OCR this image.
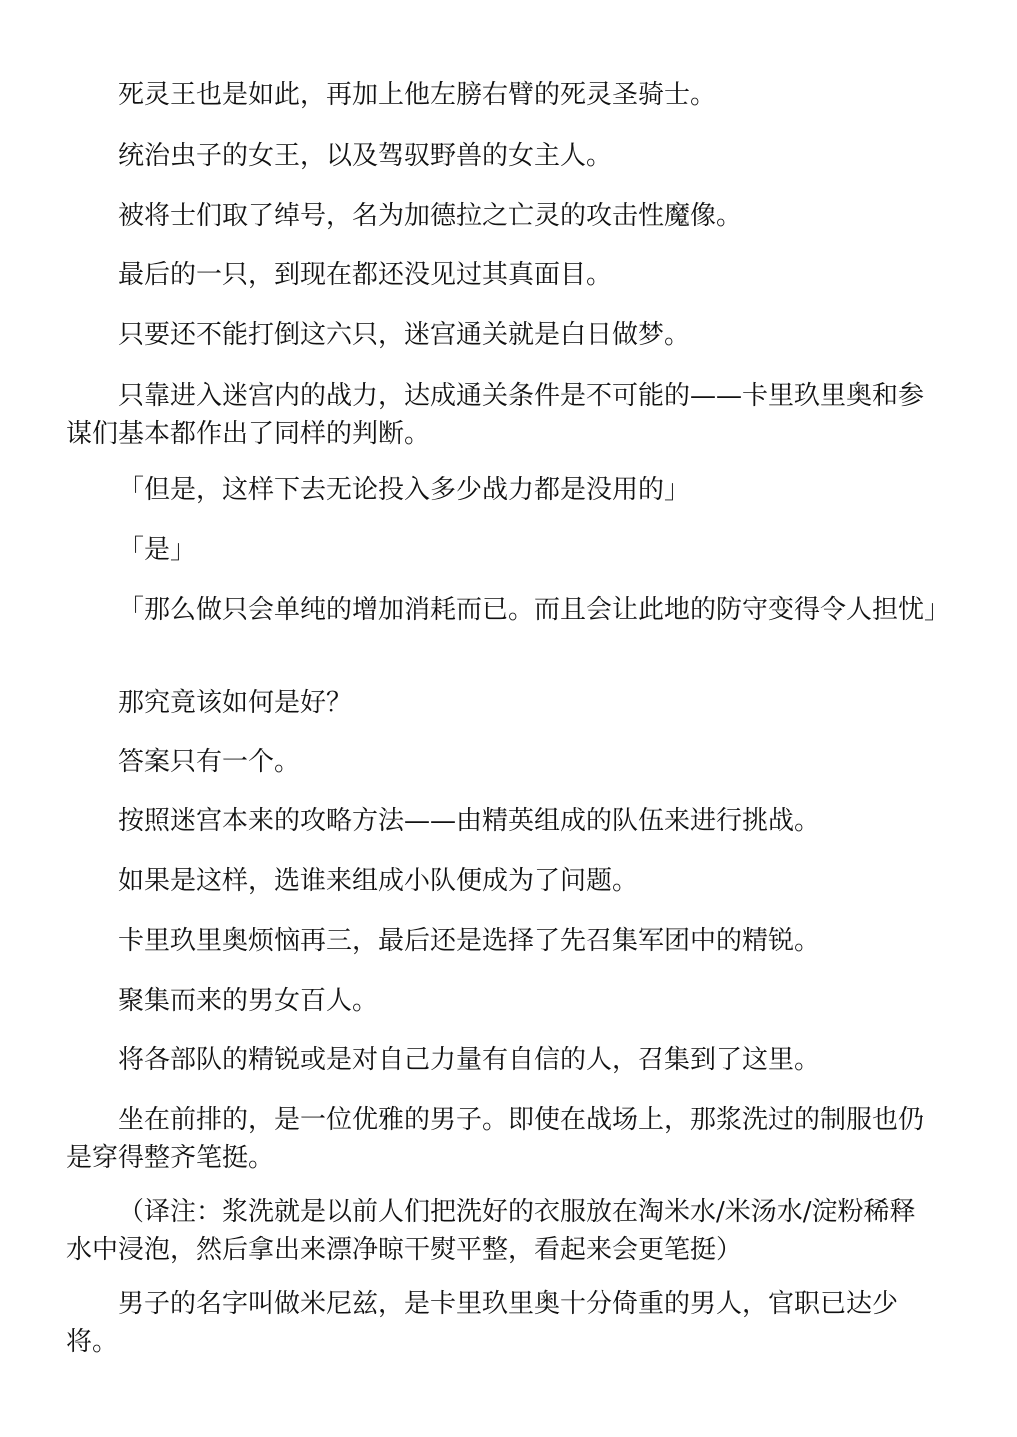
死灵王也是如此，再加上他左膀右臂的死灵圣骑士。

统治虫子的女王，以及驾驭野兽的女主人。

被将士们取了绰号，名为加德拉之亡灵的攻击性魔像。

最后的一只，到现在都还没见过其真面目。

只要还不能打倒这六只，迷宫通关就是白日做梦。

只靠进入迷宫内的战力，达成通关条件是不可能的——卡里玖里奥和参谋们基本都作出了同样的判断。

「但是，这样下去无论投入多少战力都是没用的」

「是」

「那么做只会单纯的增加消耗而已。而且会让此地的防守变得令人担忧」

那究竟该如何是好？

答案只有一个。

按照迷宫本来的攻略方法——由精英组成的队伍来进行挑战。

如果是这样，选谁来组成小队便成为了问题。

卡里玖里奥烦恼再三，最后还是选择了先召集军团中的精锐。

聚集而来的男女百人。

将各部队的精锐或是对自己力量有自信的人，召集到了这里。

坐在前排的，是一位优雅的男子。即使在战场上，那浆洗过的制服也仍是穿得整齐笔挺。

（译注：浆洗就是以前人们把洗好的衣服放在淘米水/米汤水/淀粉稀释水中浸泡，然后拿出来漂净晾干熨平整，看起来会更笔挺）

男子的名字叫做米尼兹，是卡里玖里奥十分倚重的男人，官职已达少将。
